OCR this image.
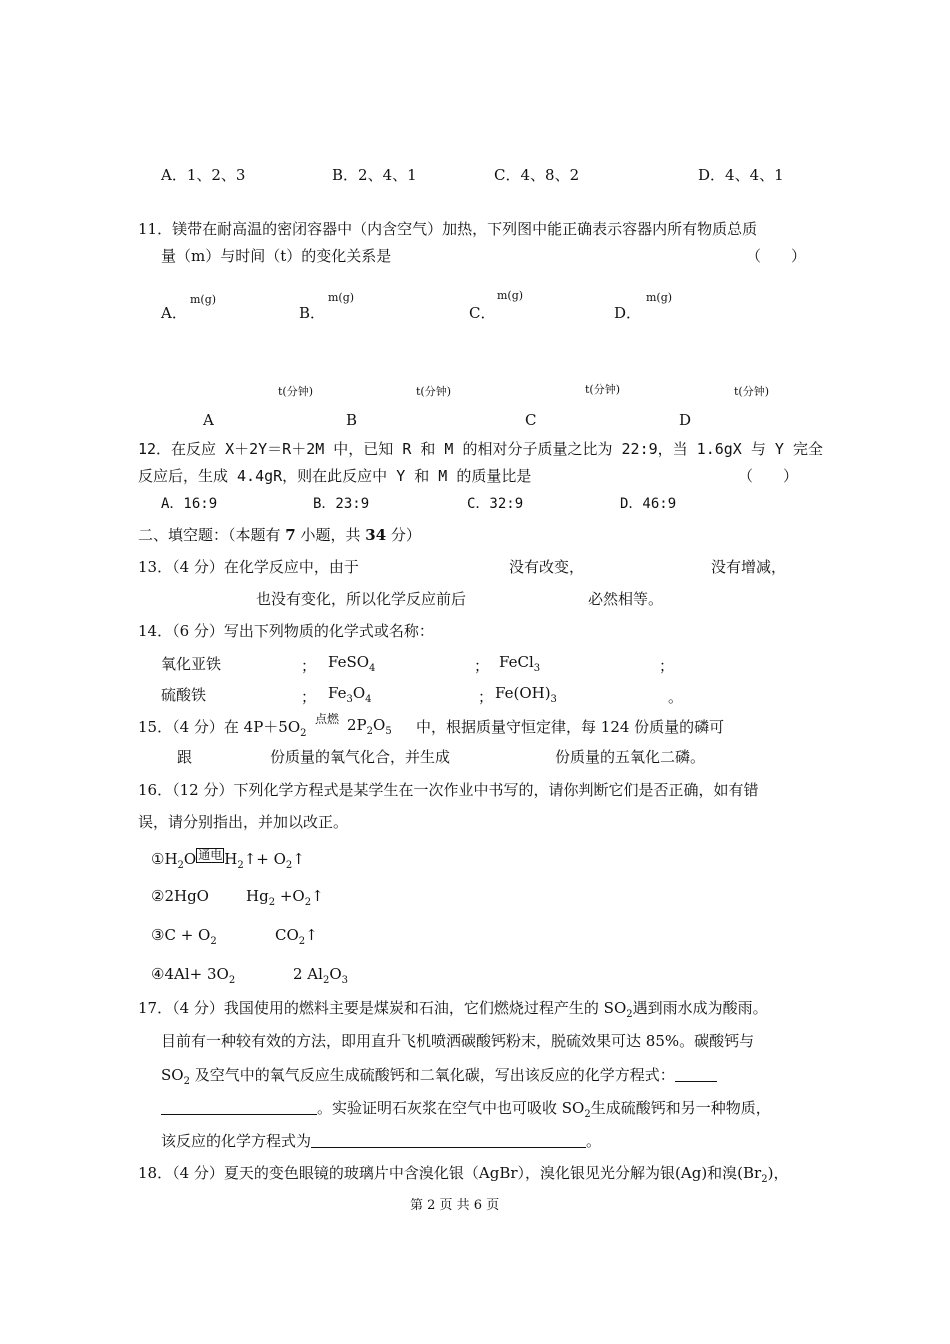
A．1、2、3	B．2、4、1	C．4、8、2	D．4、4、1
11．镁带在耐高温的密闭容器中（内含空气）加热，下列图中能正确表示容器内所有物质总质
量（m）与时间（t）的变化关系是	（　　）
A．
m(g)
t(分钟)
A
B．
m(g)
t(分钟)
B
C．
m(g)
t(分钟)
C
D．
m(g)
t(分钟)
D
12．在反应 X＋2Y＝R＋2M 中，已知 R 和 M 的相对分子质量之比为 22:9，当 1.6gX 与 Y 完全
反应后，生成 4.4gR，则在此反应中 Y 和 M 的质量比是	（　　）
A．16:9	B．23:9	C．32:9	D．46:9
二、填空题：（本题有 7 小题，共 34 分）
13．（4 分）在化学反应中，由于	没有改变，	没有增减，
也没有变化，所以化学反应前后	必然相等。
14．（6 分）写出下列物质的化学式或名称：
氧化亚铁	； FeSO$_4$	； FeCl$_3$	；
硫酸铁	； $Fe_3O_4$	； $Fe(OH)_3$	。
15．（4 分）在 $4P+5O_2$
点燃 $2P_2O_5$ 中，根据质量守恒定律，每 124 份质量的磷可
跟	份质量的氧气化合，并生成	份质量的五氧化二磷。
16．（12 分）下列化学方程式是某学生在一次作业中书写的，请你判断它们是否正确，如有错
误，请分别指出，并加以改正。
$①H_2O$ 通电 $H_2↑+$ $O_2↑$
②2HgO $Hg_2$ $+O_2↑$
③C + $O_2$	$CO_2↑$
④4Al+ $3O_2$	2 $Al_2O_3$
17．（4 分）我国使用的燃料主要是煤炭和石油，它们燃烧过程产生的 $SO_2$遇到雨水成为酸雨。
目前有一种较有效的方法，即用直升飞机喷洒碳酸钙粉末，脱硫效果可达 85%。碳酸钙与
$SO_2$ 及空气中的氧气反应生成硫酸钙和二氧化碳，写出该反应的化学方程式：
。实验证明石灰浆在空气中也可吸收 $SO_2$生成硫酸钙和另一种物质，
该反应的化学方程式为	。
18．（4 分）夏天的变色眼镜的玻璃片中含溴化银（AgBr），溴化银见光分解为银(Ag)和溴$(Br_2)$，
第 2 页 共 6 页
